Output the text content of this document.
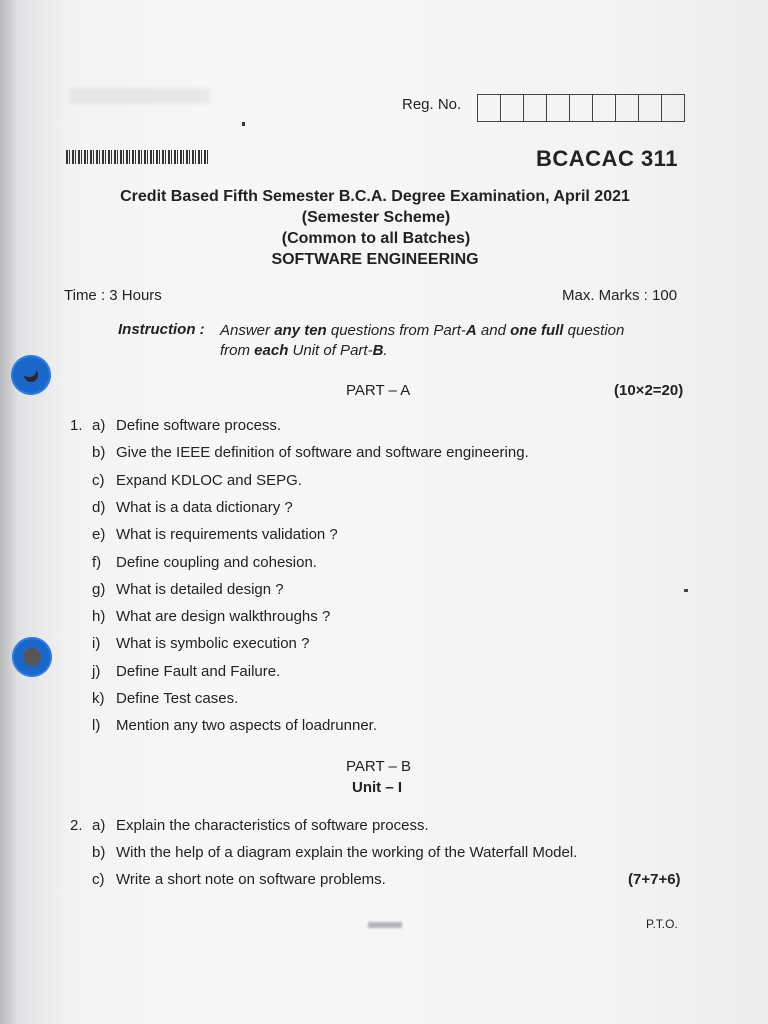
Reg. No.
BCACAC 311
Credit Based Fifth Semester B.C.A. Degree Examination, April 2021
(Semester Scheme)
(Common to all Batches)
SOFTWARE ENGINEERING
Time : 3 Hours	Max. Marks : 100
Instruction : Answer any ten questions from Part-A and one full question
from each Unit of Part-B.
PART – A	(10×2=20)
1. a) Define software process.
b) Give the IEEE definition of software and software engineering.
c) Expand KDLOC and SEPG.
d) What is a data dictionary ?
e) What is requirements validation ?
f) Define coupling and cohesion.
g) What is detailed design ?
h) What are design walkthroughs ?
i)	What is symbolic execution ?
j)	Define Fault and Failure.
k) Define Test cases.
l)	Mention any two aspects of loadrunner.
PART – B
Unit – I
2. a) Explain the characteristics of software process.
b) With the help of a diagram explain the working of the Waterfall Model.
c) Write a short note on software problems.	(7+7+6)
P.T.O.
